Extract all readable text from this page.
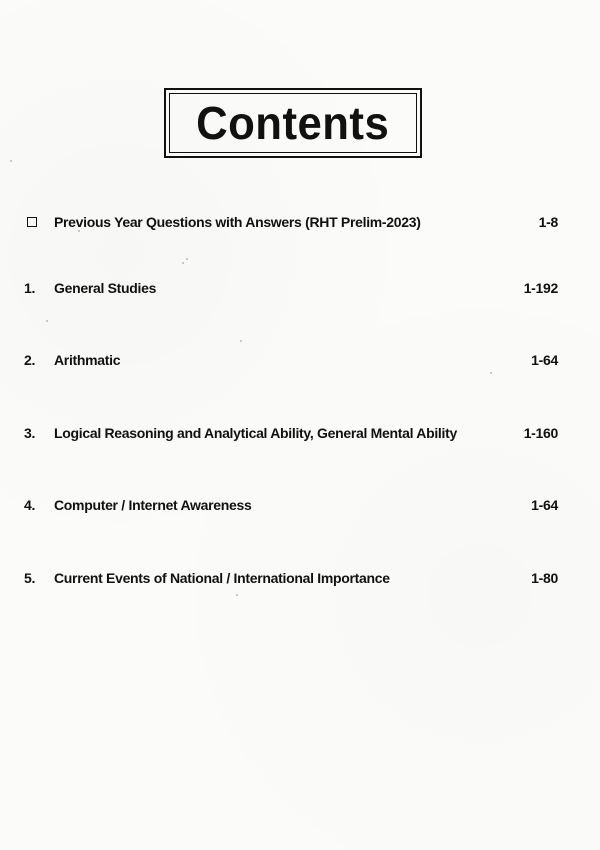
Contents
Previous Year Questions with Answers (RHT Prelim-2023)	1-8
1.	General Studies	1-192
2.	Arithmatic	1-64
3.	Logical Reasoning and Analytical Ability, General Mental Ability	1-160
4.	Computer / Internet Awareness	1-64
5.	Current Events of National / International Importance	1-80
